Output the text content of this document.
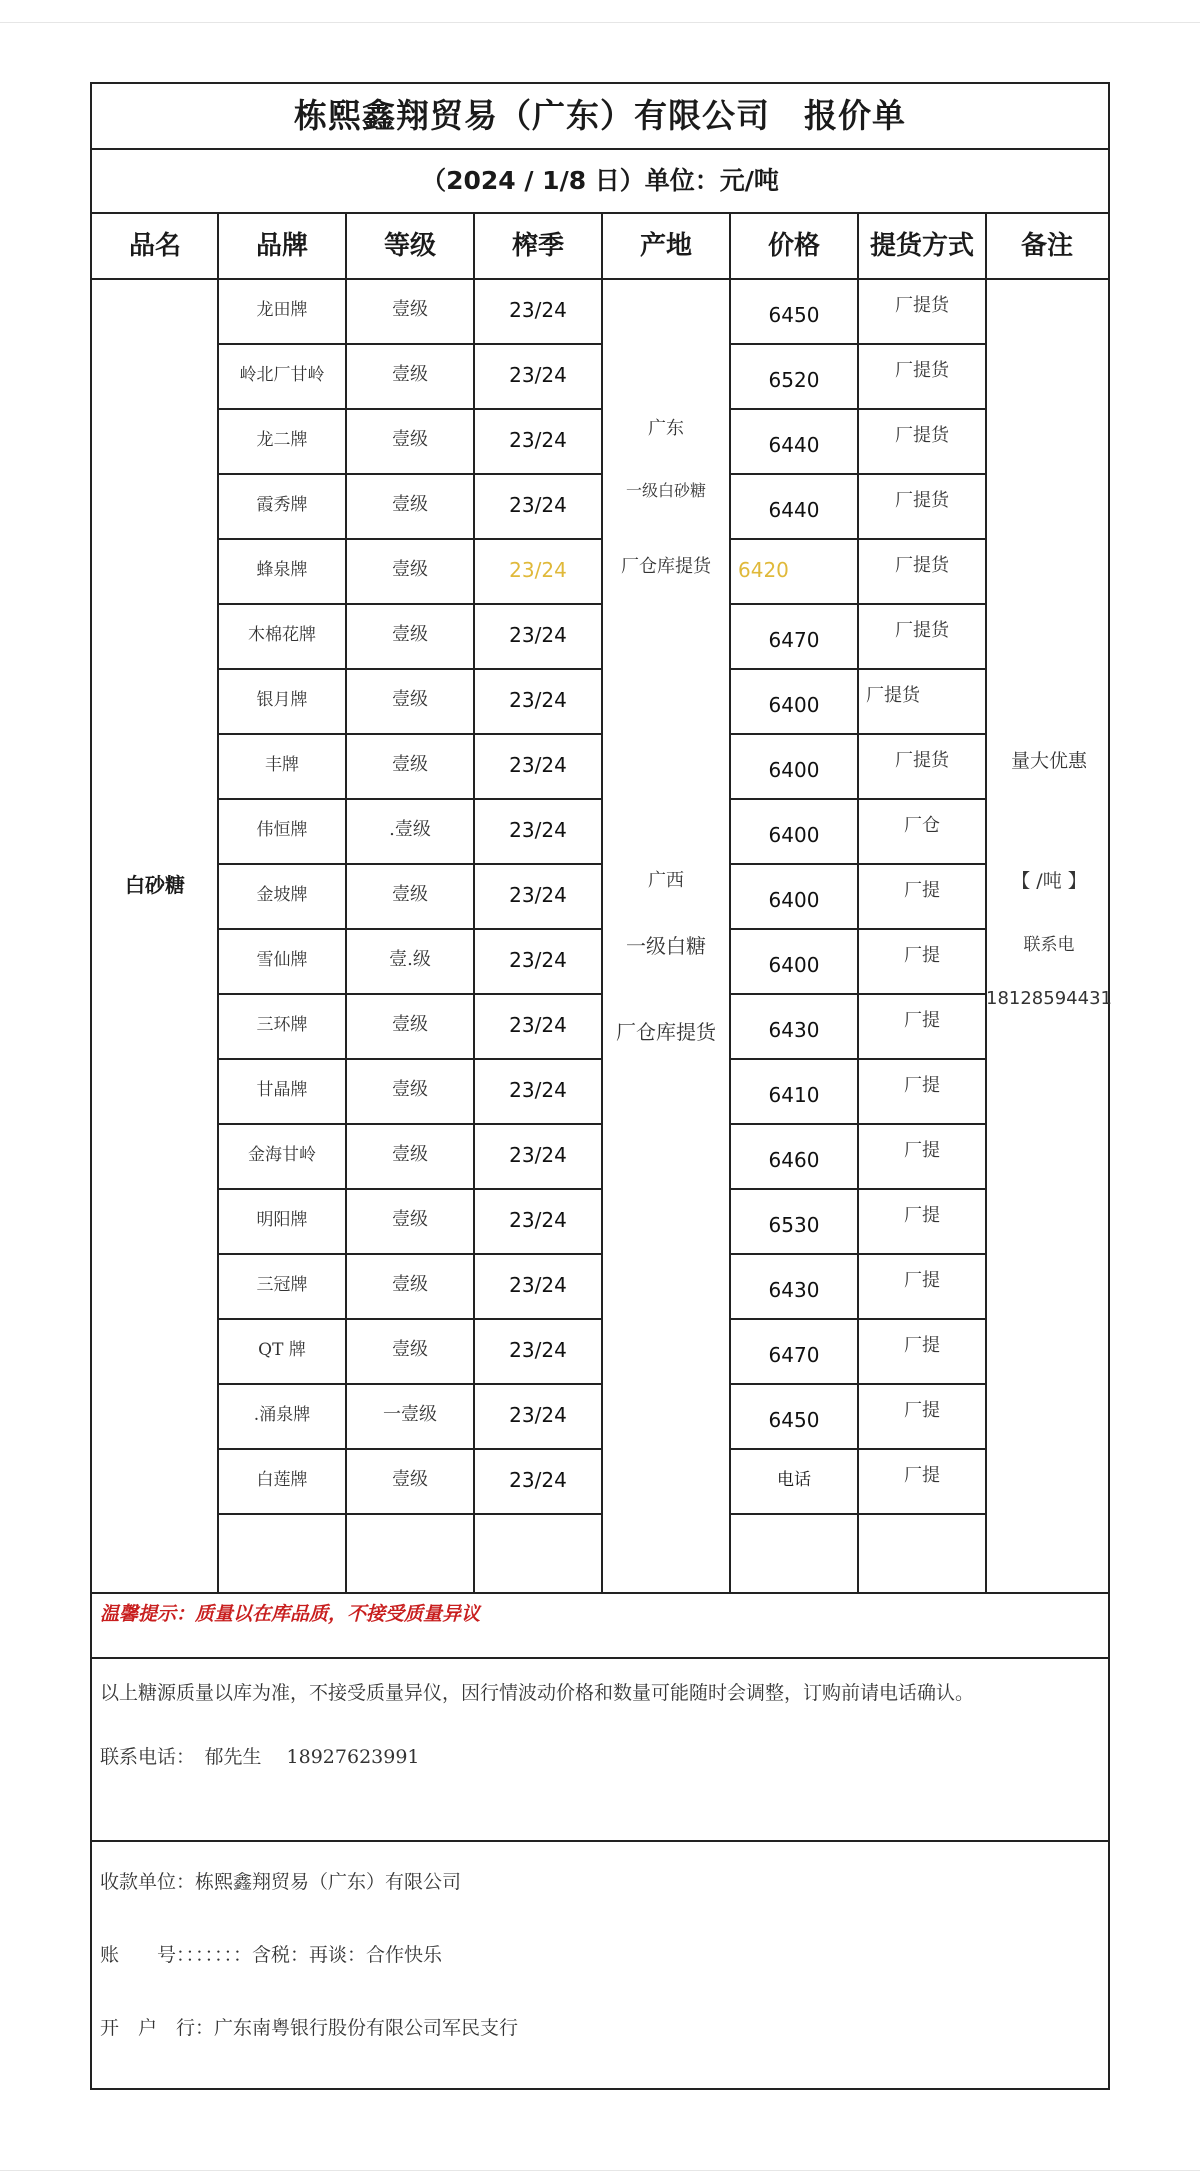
栋熙鑫翔贸易（广东）有限公司　报价单
（2024 / 1/8 日）单位：元/吨
品名	品牌	等级	榨季	产地	价格	提货方式	备注
龙田牌	壹级	23/24	6450	厂提货
岭北厂甘岭	壹级	23/24	6520	厂提货
龙二牌	壹级	23/24	6440	厂提货
霞秀牌	壹级	23/24	6440	厂提货
蜂泉牌	壹级	23/24	6420	厂提货
木棉花牌	壹级	23/24	6470	厂提货
银月牌	壹级	23/24	6400	厂提货
丰牌	壹级	23/24	6400	厂提货
伟恒牌	.壹级	23/24	6400	厂仓
金坡牌	壹级	23/24	6400	厂提
雪仙牌	壹.级	23/24	6400	厂提
三环牌	壹级	23/24	6430	厂提
甘晶牌	壹级	23/24	6410	厂提
金海甘岭	壹级	23/24	6460	厂提
明阳牌	壹级	23/24	6530	厂提
三冠牌	壹级	23/24	6430	厂提
QT 牌	壹级	23/24	6470	厂提
.涌泉牌	一壹级	23/24	6450	厂提
白莲牌	壹级	23/24	电话	厂提
白砂糖
广东
一级白砂糖
厂仓库提货
广西
一级白糖
厂仓库提货
量大优惠
【 /吨 】
联系电
18128594431
温馨提示：质量以在库品质，不接受质量异议
以上糖源质量以库为准，不接受质量异仪，因行情波动价格和数量可能随时会调整，订购前请电话确认。
联系电话：　郁先生　 18927623991
收款单位：栋熙鑫翔贸易（广东）有限公司
账　　号：：：：：：：含税：再谈：合作快乐
开　户　行：广东南粤银行股份有限公司军民支行
